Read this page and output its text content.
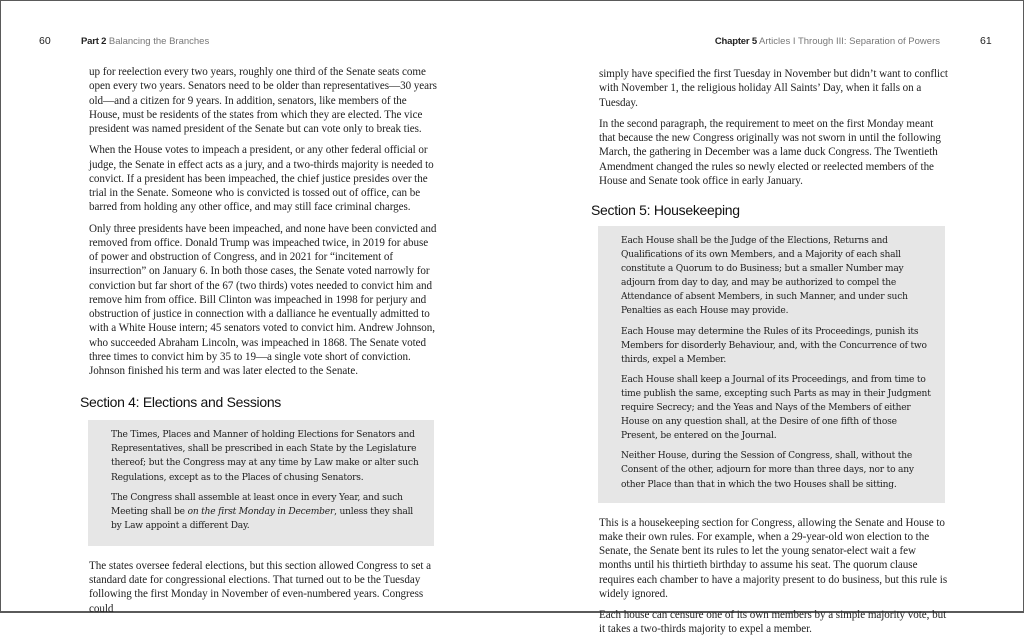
60	Part 2 Balancing the Branches

up for reelection every two years, roughly one third of the Senate seats come open every two years. Senators need to be older than representatives—30 years old—and a citizen for 9 years. In addition, senators, like members of the House, must be residents of the states from which they are elected. The vice president was named president of the Senate but can vote only to break ties.

When the House votes to impeach a president, or any other federal official or judge, the Senate in effect acts as a jury, and a two-thirds majority is needed to convict. If a president has been impeached, the chief justice presides over the trial in the Senate. Someone who is convicted is tossed out of office, can be barred from holding any other office, and may still face criminal charges.

Only three presidents have been impeached, and none have been convicted and removed from office. Donald Trump was impeached twice, in 2019 for abuse of power and obstruction of Congress, and in 2021 for “incitement of insurrection” on January 6. In both those cases, the Senate voted narrowly for conviction but far short of the 67 (two thirds) votes needed to convict him and remove him from office. Bill Clinton was impeached in 1998 for perjury and obstruction of justice in connection with a dalliance he eventually admitted to with a White House intern; 45 senators voted to convict him. Andrew Johnson, who succeeded Abraham Lincoln, was impeached in 1868. The Senate voted three times to convict him by 35 to 19—a single vote short of conviction. Johnson finished his term and was later elected to the Senate.

Section 4: Elections and Sessions

The Times, Places and Manner of holding Elections for Senators and Representatives, shall be prescribed in each State by the Legislature thereof; but the Congress may at any time by Law make or alter such Regulations, except as to the Places of chusing Senators.

The Congress shall assemble at least once in every Year, and such Meeting shall be on the first Monday in December, unless they shall by Law appoint a different Day.

The states oversee federal elections, but this section allowed Congress to set a standard date for congressional elections. That turned out to be the Tuesday following the first Monday in November of even-numbered years. Congress could

Chapter 5 Articles I Through III: Separation of Powers	61

simply have specified the first Tuesday in November but didn’t want to conflict with November 1, the religious holiday All Saints’ Day, when it falls on a Tuesday.

In the second paragraph, the requirement to meet on the first Monday meant that because the new Congress originally was not sworn in until the following March, the gathering in December was a lame duck Congress. The Twentieth Amendment changed the rules so newly elected or reelected members of the House and Senate took office in early January.

Section 5: Housekeeping

Each House shall be the Judge of the Elections, Returns and Qualifications of its own Members, and a Majority of each shall constitute a Quorum to do Business; but a smaller Number may adjourn from day to day, and may be authorized to compel the Attendance of absent Members, in such Manner, and under such Penalties as each House may provide.

Each House may determine the Rules of its Proceedings, punish its Members for disorderly Behaviour, and, with the Concurrence of two thirds, expel a Member.

Each House shall keep a Journal of its Proceedings, and from time to time publish the same, excepting such Parts as may in their Judgment require Secrecy; and the Yeas and Nays of the Members of either House on any question shall, at the Desire of one fifth of those Present, be entered on the Journal.

Neither House, during the Session of Congress, shall, without the Consent of the other, adjourn for more than three days, nor to any other Place than that in which the two Houses shall be sitting.

This is a housekeeping section for Congress, allowing the Senate and House to make their own rules. For example, when a 29-year-old won election to the Senate, the Senate bent its rules to let the young senator-elect wait a few months until his thirtieth birthday to assume his seat. The quorum clause requires each chamber to have a majority present to do business, but this rule is widely ignored.

Each house can censure one of its own members by a simple majority vote, but it takes a two-thirds majority to expel a member.
